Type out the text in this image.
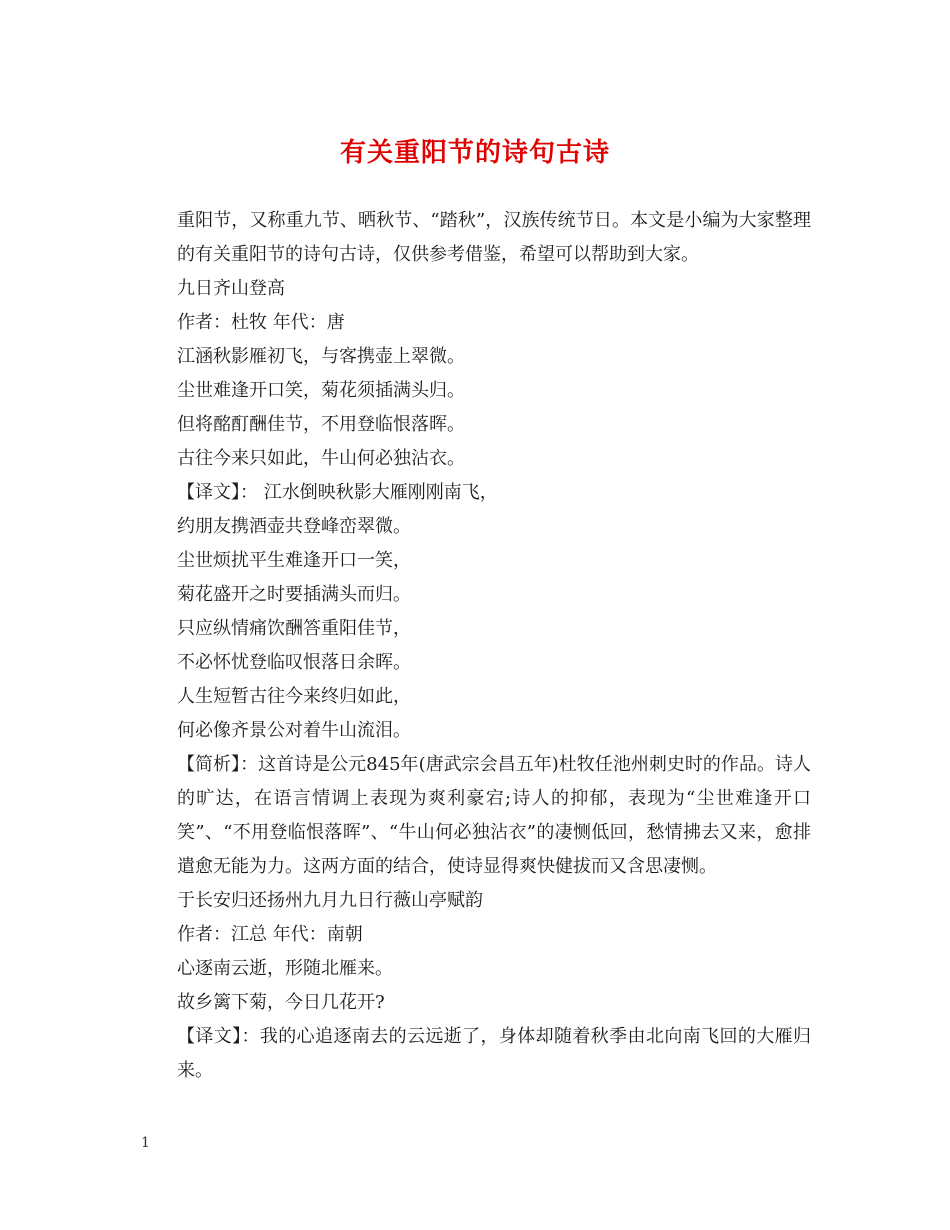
有关重阳节的诗句古诗

重阳节，又称重九节、晒秋节、“踏秋”，汉族传统节日。本文是小编为大家整理的有关重阳节的诗句古诗，仅供参考借鉴，希望可以帮助到大家。

九日齐山登高

作者：杜牧 年代：唐

江涵秋影雁初飞，与客携壶上翠微。

尘世难逢开口笑，菊花须插满头归。

但将酩酊酬佳节，不用登临恨落晖。

古往今来只如此，牛山何必独沾衣。

【译文】： 江水倒映秋影大雁刚刚南飞，

约朋友携酒壶共登峰峦翠微。

尘世烦扰平生难逢开口一笑，

菊花盛开之时要插满头而归。

只应纵情痛饮酬答重阳佳节，

不必怀忧登临叹恨落日余晖。

人生短暂古往今来终归如此，

何必像齐景公对着牛山流泪。

【简析】：这首诗是公元845年(唐武宗会昌五年)杜牧任池州刺史时的作品。诗人的旷达，在语言情调上表现为爽利豪宕;诗人的抑郁，表现为“尘世难逢开口笑”、“不用登临恨落晖”、“牛山何必独沾衣”的凄恻低回，愁情拂去又来，愈排遣愈无能为力。这两方面的结合，使诗显得爽快健拔而又含思凄恻。

于长安归还扬州九月九日行薇山亭赋韵

作者：江总 年代：南朝

心逐南云逝，形随北雁来。

故乡篱下菊，今日几花开?

【译文】：我的心追逐南去的云远逝了，身体却随着秋季由北向南飞回的大雁归来。

1
